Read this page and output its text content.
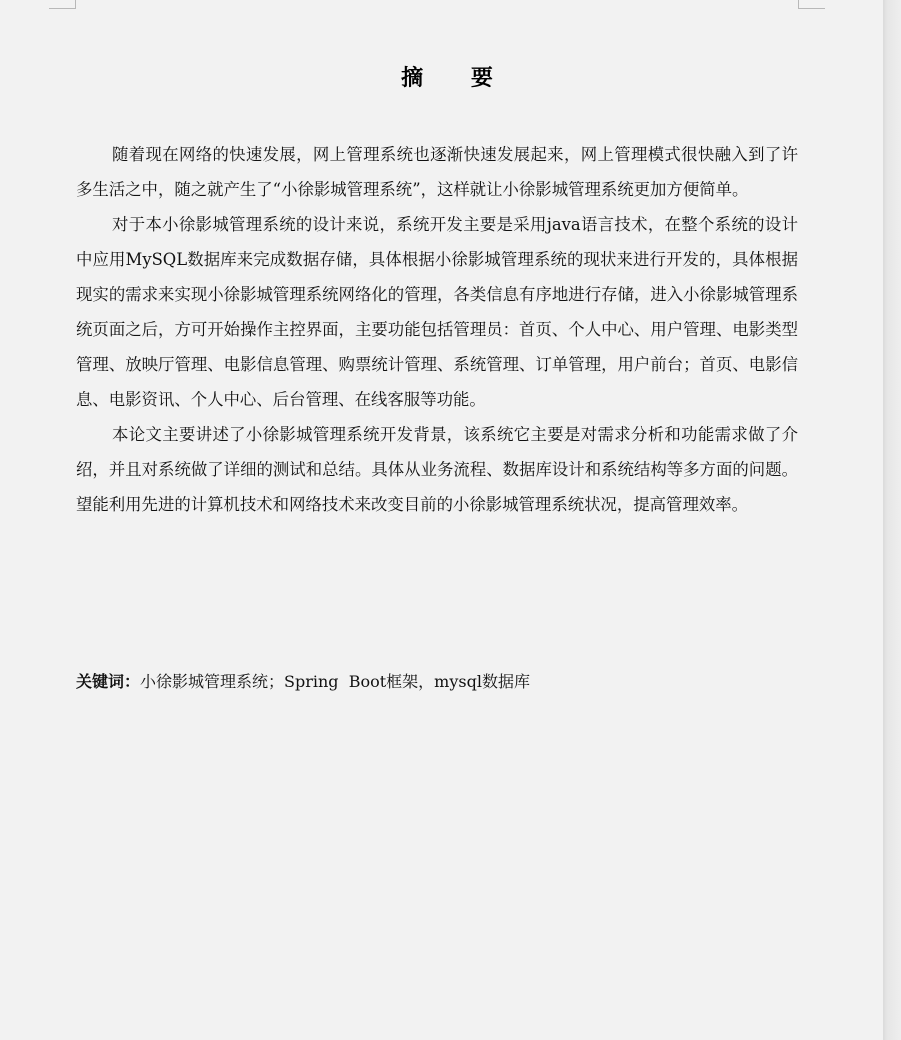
摘 要

随着现在网络的快速发展，网上管理系统也逐渐快速发展起来，网上管理模式很快融入到了许多生活之中，随之就产生了“小徐影城管理系统”，这样就让小徐影城管理系统更加方便简单。

对于本小徐影城管理系统的设计来说，系统开发主要是采用java语言技术，在整个系统的设计中应用MySQL数据库来完成数据存储，具体根据小徐影城管理系统的现状来进行开发的，具体根据现实的需求来实现小徐影城管理系统网络化的管理，各类信息有序地进行存储，进入小徐影城管理系统页面之后，方可开始操作主控界面，主要功能包括管理员：首页、个人中心、用户管理、电影类型管理、放映厅管理、电影信息管理、购票统计管理、系统管理、订单管理，用户前台；首页、电影信息、电影资讯、个人中心、后台管理、在线客服等功能。

本论文主要讲述了小徐影城管理系统开发背景，该系统它主要是对需求分析和功能需求做了介绍，并且对系统做了详细的测试和总结。具体从业务流程、数据库设计和系统结构等多方面的问题。望能利用先进的计算机技术和网络技术来改变目前的小徐影城管理系统状况，提高管理效率。

关键词：小徐影城管理系统；Spring  Boot框架，mysql数据库
